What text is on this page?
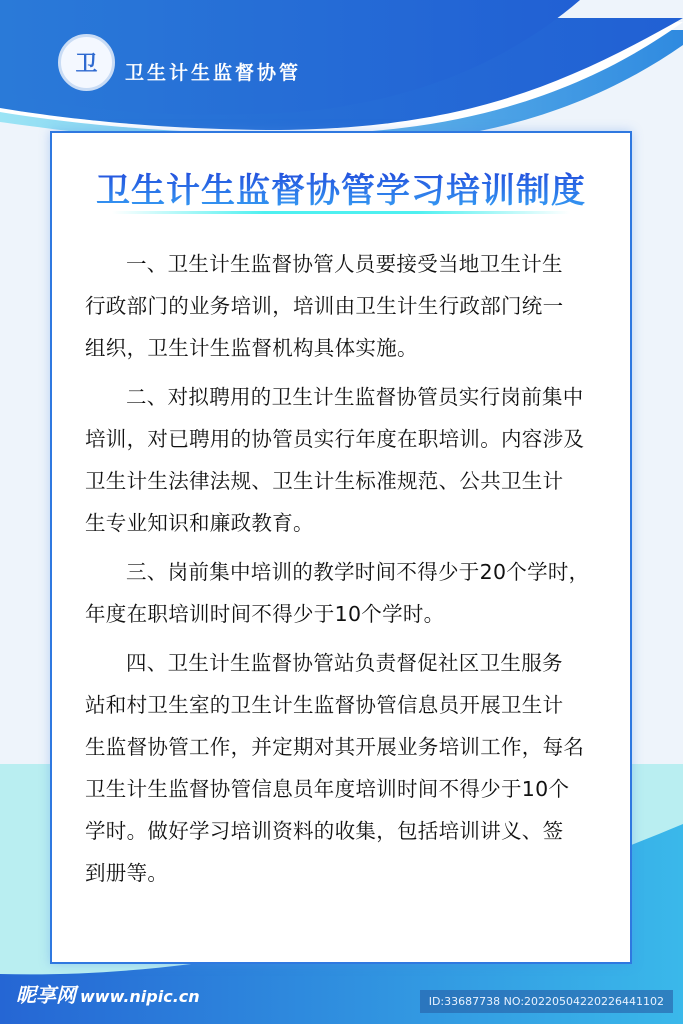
卫 卫生计生监督协管
卫生计生监督协管学习培训制度
一、卫生计生监督协管人员要接受当地卫生计生
行政部门的业务培训，培训由卫生计生行政部门统一
组织，卫生计生监督机构具体实施。
二、对拟聘用的卫生计生监督协管员实行岗前集中
培训，对已聘用的协管员实行年度在职培训。内容涉及
卫生计生法律法规、卫生计生标准规范、公共卫生计
生专业知识和廉政教育。
三、岗前集中培训的教学时间不得少于20个学时，
年度在职培训时间不得少于10个学时。
四、卫生计生监督协管站负责督促社区卫生服务
站和村卫生室的卫生计生监督协管信息员开展卫生计
生监督协管工作，并定期对其开展业务培训工作，每名
卫生计生监督协管信息员年度培训时间不得少于10个
学时。做好学习培训资料的收集，包括培训讲义、签
到册等。
昵享网 www.nipic.cn	ID:33687738 NO:20220504220226441102
